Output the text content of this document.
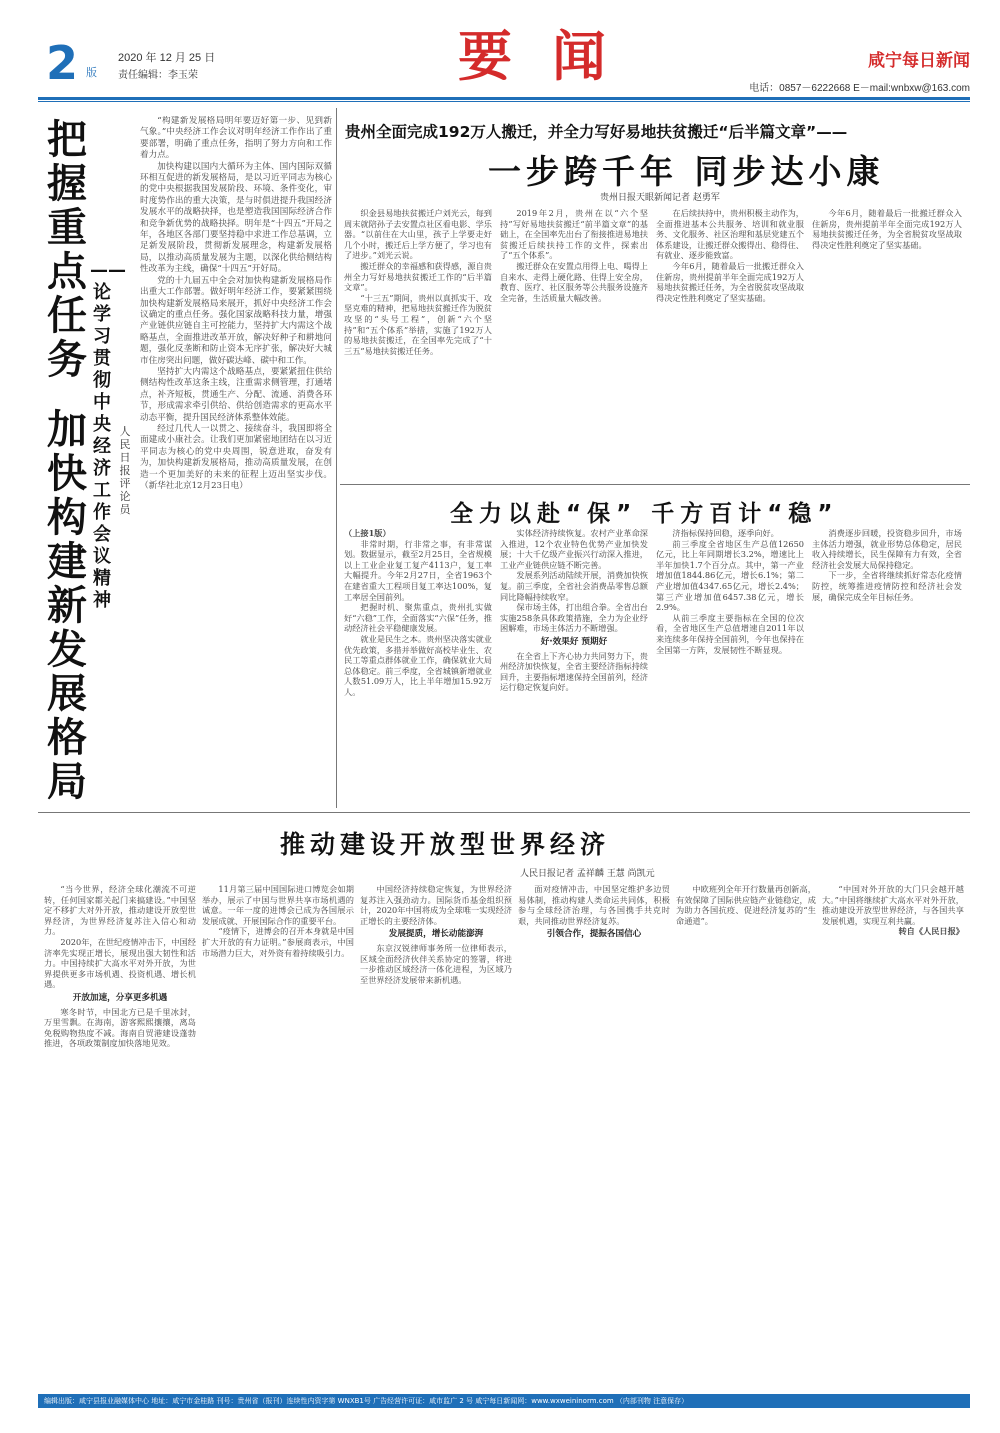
2 版
2020 年 12 月 25 日
责任编辑：李玉荣	要闻	咸宁每日新闻
电话：0857－6222668 E－mail:wnbxw@163.com
把握重点任务
加快构建新发展格局
——论学习贯彻中央经济工作会议精神
人民日报评论员

“构建新发展格局明年要迈好第一步、见到新气象。”中央经济工作会议对明年经济工作作出了重要部署，明确了重点任务，指明了努力方向和工作着力点。

加快构建以国内大循环为主体、国内国际双循环相互促进的新发展格局，是以习近平同志为核心的党中央根据我国发展阶段、环境、条件变化，审时度势作出的重大决策，是与时俱进提升我国经济发展水平的战略抉择，也是塑造我国国际经济合作和竞争新优势的战略抉择。明年是“十四五”开局之年，各地区各部门要坚持稳中求进工作总基调，立足新发展阶段，贯彻新发展理念，构建新发展格局，以推动高质量发展为主题，以深化供给侧结构性改革为主线，确保“十四五”开好局。

党的十九届五中全会对加快构建新发展格局作出重大工作部署。做好明年经济工作，要紧紧围绕加快构建新发展格局来展开，抓好中央经济工作会议确定的重点任务。强化国家战略科技力量，增强产业链供应链自主可控能力，坚持扩大内需这个战略基点，全面推进改革开放，解决好种子和耕地问题，强化反垄断和防止资本无序扩张，解决好大城市住房突出问题，做好碳达峰、碳中和工作。

坚持扩大内需这个战略基点，要紧紧扭住供给侧结构性改革这条主线，注重需求侧管理，打通堵点，补齐短板，贯通生产、分配、流通、消费各环节，形成需求牵引供给、供给创造需求的更高水平动态平衡，提升国民经济体系整体效能。

经过几代人一以贯之、接续奋斗，我国即将全面建成小康社会。让我们更加紧密地团结在以习近平同志为核心的党中央周围，锐意进取，奋发有为，加快构建新发展格局，推动高质量发展，在创造一个更加美好的未来的征程上迈出坚实步伐。（新华社北京12月23日电）

贵州全面完成192万人搬迁，并全力写好易地扶贫搬迁“后半篇文章”——
一步跨千年 同步达小康
贵州日报天眼新闻记者 赵勇军

织金县易地扶贫搬迁户刘光云，每到周末就陪孙子去安置点社区看电影、学乐器。“以前住在大山里，孩子上学要走好几个小时，搬迁后上学方便了，学习也有了进步。”刘光云说。

搬迁群众的幸福感和获得感，源自贵州全力写好易地扶贫搬迁工作的“后半篇文章”。

“十三五”期间，贵州以真抓实干、攻坚克难的精神，把易地扶贫搬迁作为脱贫攻坚的“头号工程”，创新“六个坚持”和“五个体系”举措，实施了192万人的易地扶贫搬迁，在全国率先完成了“十三五”易地扶贫搬迁任务。

2019年2月，贵州在以“六个坚持”写好易地扶贫搬迁“前半篇文章”的基础上，在全国率先出台了衔接推进易地扶贫搬迁后续扶持工作的文件，探索出了“五个体系”。

搬迁群众在安置点用得上电、喝得上自来水、走得上硬化路、住得上安全房，教育、医疗、社区服务等公共服务设施齐全完备，生活质量大幅改善。

在后续扶持中，贵州积极主动作为，全面推进基本公共服务、培训和就业服务、文化服务、社区治理和基层党建五个体系建设，让搬迁群众搬得出、稳得住、有就业、逐步能致富。

今年6月，随着最后一批搬迁群众入住新房，贵州提前半年全面完成192万人易地扶贫搬迁任务，为全省脱贫攻坚战取得决定性胜利奠定了坚实基础。

今年6月，随着最后一批搬迁群众入住新房，贵州提前半年全面完成192万人易地扶贫搬迁任务，为全省脱贫攻坚战取得决定性胜利奠定了坚实基础。

全力以赴“保” 千方百计“稳”

（上接1版）

非常时期，行非常之事，有非常谋划。数据显示，截至2月25日，全省规模以上工业企业复工复产4113户，复工率大幅提升。今年2月27日，全省1963个在建省重大工程项目复工率达100%，复工率居全国前列。

把握时机、聚焦重点，贵州扎实做好“六稳”工作，全面落实“六保”任务，推动经济社会平稳健康发展。

就业是民生之本。贵州坚决落实就业优先政策，多措并举做好高校毕业生、农民工等重点群体就业工作，确保就业大局总体稳定。前三季度，全省城镇新增就业人数51.09万人，比上半年增加15.92万人。

实体经济持续恢复。农村产业革命深入推进，12个农业特色优势产业加快发展；十大千亿级产业振兴行动深入推进，工业产业链供应链不断完善。

发展系列活动陆续开展，消费加快恢复。前三季度，全省社会消费品零售总额同比降幅持续收窄。

保市场主体，打出组合拳。全省出台实施258条具体政策措施，全力为企业纾困解难，市场主体活力不断增强。

好·效果好 预期好

在全省上下齐心协力共同努力下，贵州经济加快恢复，全省主要经济指标持续回升，主要指标增速保持全国前列，经济运行稳定恢复向好。

济指标保持回稳，逐季向好。

前三季度全省地区生产总值12650亿元，比上年同期增长3.2%，增速比上半年加快1.7个百分点。其中，第一产业增加值1844.86亿元，增长6.1%；第二产业增加值4347.65亿元，增长2.4%；第三产业增加值6457.38亿元，增长2.9%。

从前三季度主要指标在全国的位次看，全省地区生产总值增速自2011年以来连续多年保持全国前列，今年也保持在全国第一方阵，发展韧性不断显现。

消费逐步回暖，投资稳步回升，市场主体活力增强，就业形势总体稳定，居民收入持续增长，民生保障有力有效，全省经济社会发展大局保持稳定。

下一步，全省将继续抓好常态化疫情防控，统筹推进疫情防控和经济社会发展，确保完成全年目标任务。

推动建设开放型世界经济
人民日报记者 孟祥麟 王慧 尚凯元

“当今世界，经济全球化潮流不可逆转，任何国家都关起门来搞建设。”中国坚定不移扩大对外开放，推动建设开放型世界经济，为世界经济复苏注入信心和动力。

2020年，在世纪疫情冲击下，中国经济率先实现正增长，展现出强大韧性和活力。中国持续扩大高水平对外开放，为世界提供更多市场机遇、投资机遇、增长机遇。

开放加速，分享更多机遇

寒冬时节，中国北方已是千里冰封，万里雪飘。在海南，游客熙熙攘攘，离岛免税购物热度不减。海南自贸港建设蓬勃推进，各项政策制度加快落地见效。

11月第三届中国国际进口博览会如期举办，展示了中国与世界共享市场机遇的诚意。一年一度的进博会已成为各国展示发展成就、开展国际合作的重要平台。

“疫情下，进博会的召开本身就是中国扩大开放的有力证明。”参展商表示，中国市场潜力巨大，对外资有着持续吸引力。

中国经济持续稳定恢复，为世界经济复苏注入强劲动力。国际货币基金组织预计，2020年中国将成为全球唯一实现经济正增长的主要经济体。

发展提质，增长动能澎湃

东京汉锐律师事务所一位律师表示，区域全面经济伙伴关系协定的签署，将进一步推动区域经济一体化进程，为区域乃至世界经济发展带来新机遇。

面对疫情冲击，中国坚定维护多边贸易体制，推动构建人类命运共同体，积极参与全球经济治理，与各国携手共克时艰，共同推动世界经济复苏。

引领合作，提振各国信心

中欧班列全年开行数量再创新高，有效保障了国际供应链产业链稳定，成为助力各国抗疫、促进经济复苏的“生命通道”。

“中国对外开放的大门只会越开越大。”中国将继续扩大高水平对外开放，推动建设开放型世界经济，与各国共享发展机遇，实现互利共赢。

转自《人民日报》

编辑出版：咸宁县报业融媒体中心 地址：咸宁市金桂路 刊号：贵州省（报刊）连续性内资字第 WNXB1号 广告经营许可证：咸市监广 2 号 咸宁每日新闻网：www.wxweininorm.com （内部刊物 注意保存）
